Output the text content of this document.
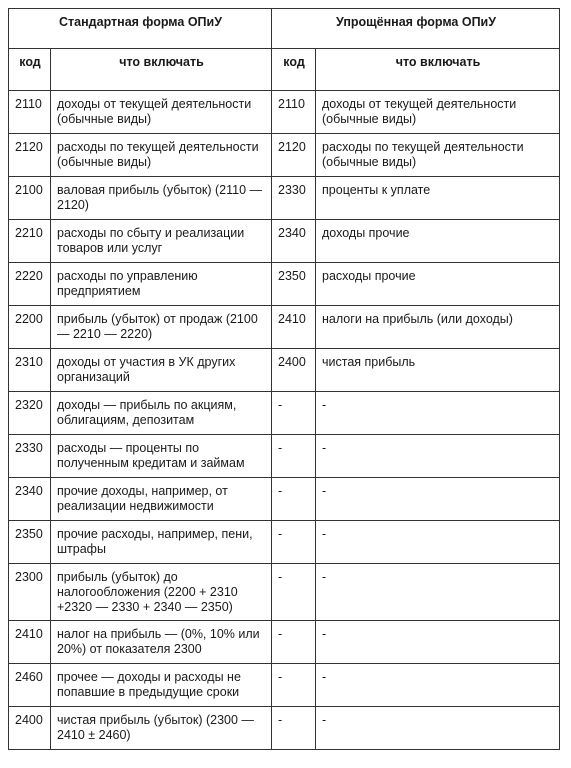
Стандартная форма ОПиУ		Упрощённая форма ОПиУ	
код	что включать	код	что включать
2110	доходы от текущей деятельности (обычные виды)	2110	доходы от текущей деятельности (обычные виды)
2120	расходы по текущей деятельности (обычные виды)	2120	расходы по текущей деятельности (обычные виды)
2100	валовая прибыль (убыток) (2110 — 2120)	2330	проценты к уплате
2210	расходы по сбыту и реализации товаров или услуг	2340	доходы прочие
2220	расходы по управлению предприятием	2350	расходы прочие
2200	прибыль (убыток) от продаж (2100 — 2210 — 2220)	2410	налоги на прибыль (или доходы)
2310	доходы от участия в УК других организаций	2400	чистая прибыль
2320	доходы — прибыль по акциям, облигациям, депозитам	-	-
2330	расходы — проценты по полученным кредитам и займам	-	-
2340	прочие доходы, например, от реализации недвижимости	-	-
2350	прочие расходы, например, пени, штрафы	-	-
2300	прибыль (убыток) до налогообложения (2200 + 2310 +2320 — 2330 + 2340 — 2350)	-	-
2410	налог на прибыль — (0%, 10% или 20%) от показателя 2300	-	-
2460	прочее — доходы и расходы не попавшие в предыдущие сроки	-	-
2400	чистая прибыль (убыток) (2300 — 2410 ± 2460)	-	-
